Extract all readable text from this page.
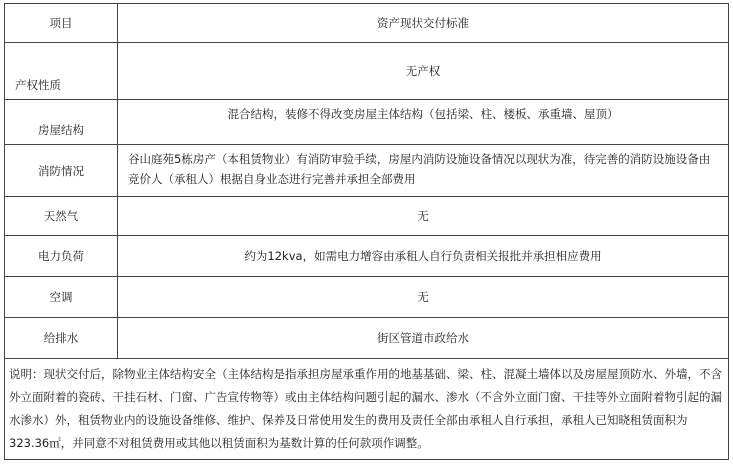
项目	资产现状交付标准
产权性质	无产权
房屋结构	混合结构，装修不得改变房屋主体结构（包括梁、柱、楼板、承重墙、屋顶）
消防情况	谷山庭苑5栋房产（本租赁物业）有消防审验手续，房屋内消防设施设备情况以现状为准，待完善的消防设施设备由竞价人（承租人）根据自身业态进行完善并承担全部费用
天然气	无
电力负荷	约为12kva，如需电力增容由承租人自行负责相关报批并承担相应费用
空调	无
给排水	街区管道市政给水
说明：现状交付后，除物业主体结构安全（主体结构是指承担房屋承重作用的地基基础、梁、柱、混凝土墙体以及房屋屋顶防水、外墙，不含外立面附着的瓷砖、干挂石材、门窗、广告宣传物等）或由主体结构问题引起的漏水、渗水（不含外立面门窗、干挂等外立面附着物引起的漏水渗水）外，租赁物业内的设施设备维修、维护、保养及日常使用发生的费用及责任全部由承租人自行承担，承租人已知晓租赁面积为323.36㎡，并同意不对租赁费用或其他以租赁面积为基数计算的任何款项作调整。	
